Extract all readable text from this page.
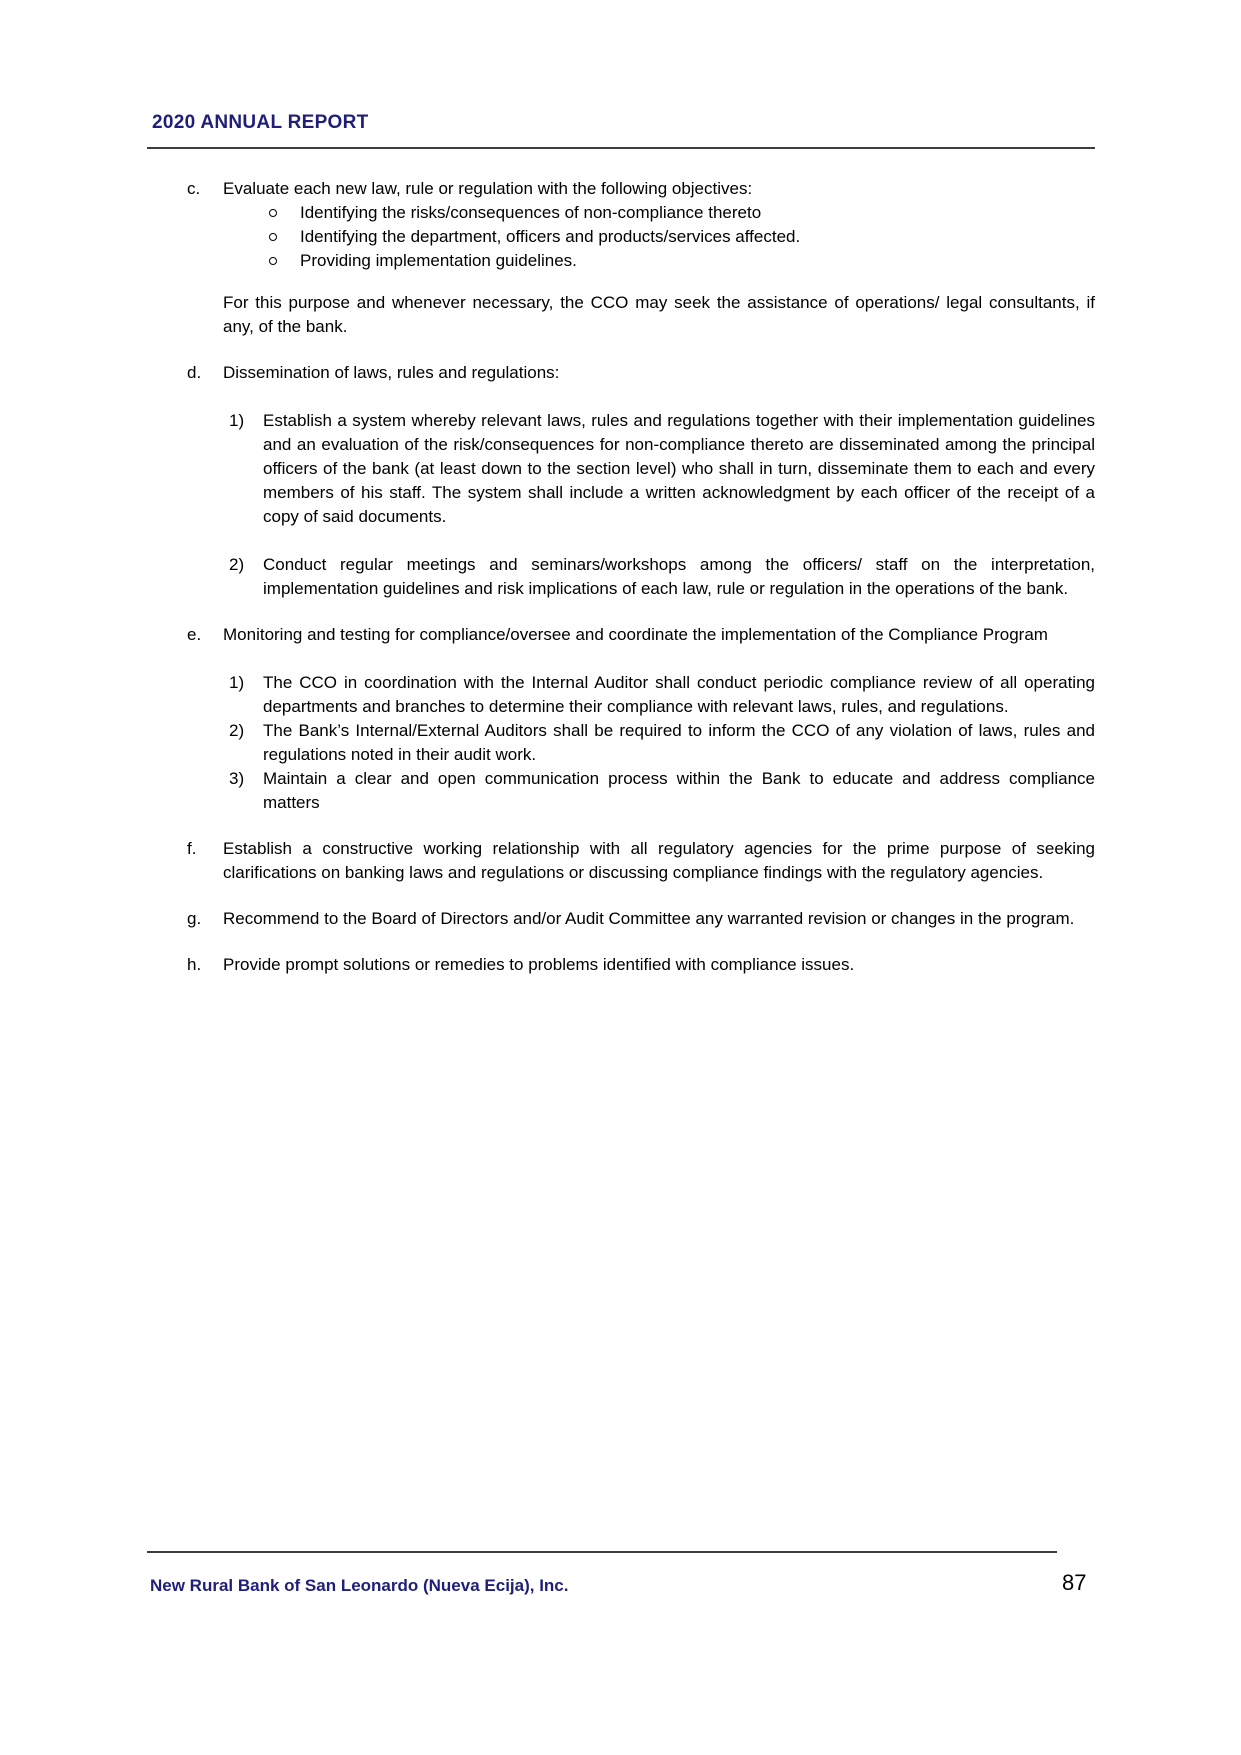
2020 ANNUAL REPORT
c.	Evaluate each new law, rule or regulation with the following objectives:
Identifying the risks/consequences of non-compliance thereto
Identifying the department, officers and products/services affected.
Providing implementation guidelines.

For this purpose and whenever necessary, the CCO may seek the assistance of operations/ legal consultants, if any, of the bank.

d.	Dissemination of laws, rules and regulations:
1)	Establish a system whereby relevant laws, rules and regulations together with their implementation guidelines and an evaluation of the risk/consequences for non-compliance thereto are disseminated among the principal officers of the bank (at least down to the section level) who shall in turn, disseminate them to each and every members of his staff. The system shall include a written acknowledgment by each officer of the receipt of a copy of said documents.
2)	Conduct regular meetings and seminars/workshops among the officers/ staff on the interpretation, implementation guidelines and risk implications of each law, rule or regulation in the operations of the bank.
e.	Monitoring and testing for compliance/oversee and coordinate the implementation of the Compliance Program
1)	The CCO in coordination with the Internal Auditor shall conduct periodic compliance review of all operating departments and branches to determine their compliance with relevant laws, rules, and regulations.
2)	The Bank’s Internal/External Auditors shall be required to inform the CCO of any violation of laws, rules and regulations noted in their audit work.
3)	Maintain a clear and open communication process within the Bank to educate and address compliance matters
f.	Establish a constructive working relationship with all regulatory agencies for the prime purpose of seeking clarifications on banking laws and regulations or discussing compliance findings with the regulatory agencies.
g.	Recommend to the Board of Directors and/or Audit Committee any warranted revision or changes in the program.
h.	Provide prompt solutions or remedies to problems identified with compliance issues.
New Rural Bank of San Leonardo (Nueva Ecija), Inc.	87
